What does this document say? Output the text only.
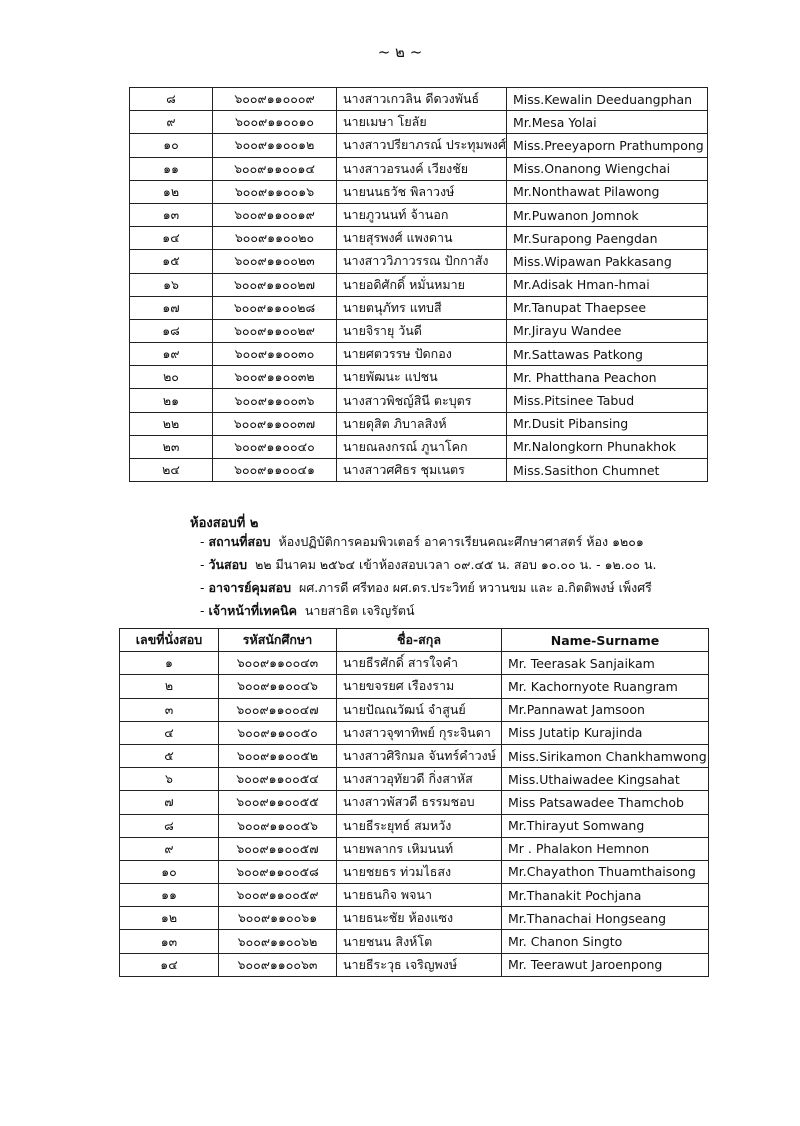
~ ๒ ~
๘	๖๐๐๙๑๑๐๐๐๙	นางสาวเกวลิน ดีดวงพันธ์	Miss.Kewalin Deeduangphan
๙	๖๐๐๙๑๑๐๐๑๐	นายเมษา โยลัย	Mr.Mesa Yolai
๑๐	๖๐๐๙๑๑๐๐๑๒	นางสาวปรียาภรณ์ ประทุมพงศ์	Miss.Preeyaporn Prathumpong
๑๑	๖๐๐๙๑๑๐๐๑๔	นางสาวอรนงค์ เวียงชัย	Miss.Onanong Wiengchai
๑๒	๖๐๐๙๑๑๐๐๑๖	นายนนธวัช พิลาวงษ์	Mr.Nonthawat Pilawong
๑๓	๖๐๐๙๑๑๐๐๑๙	นายภูวนนท์ จ้านอก	Mr.Puwanon Jomnok
๑๔	๖๐๐๙๑๑๐๐๒๐	นายสุรพงศ์ แพงดาน	Mr.Surapong Paengdan
๑๕	๖๐๐๙๑๑๐๐๒๓	นางสาววิภาวรรณ ปักกาสัง	Miss.Wipawan Pakkasang
๑๖	๖๐๐๙๑๑๐๐๒๗	นายอดิศักดิ์ หมั่นหมาย	Mr.Adisak Hman-hmai
๑๗	๖๐๐๙๑๑๐๐๒๘	นายตนุภัทร แทบสี	Mr.Tanupat Thaepsee
๑๘	๖๐๐๙๑๑๐๐๒๙	นายจิรายุ วันดี	Mr.Jirayu Wandee
๑๙	๖๐๐๙๑๑๐๐๓๐	นายศตวรรษ ปัดกอง	Mr.Sattawas Patkong
๒๐	๖๐๐๙๑๑๐๐๓๒	นายพัฒนะ แปชน	Mr. Phatthana Peachon
๒๑	๖๐๐๙๑๑๐๐๓๖	นางสาวพิชญ์สินี ตะบุตร	Miss.Pitsinee Tabud
๒๒	๖๐๐๙๑๑๐๐๓๗	นายดุสิต ภิบาลสิงห์	Mr.Dusit Pibansing
๒๓	๖๐๐๙๑๑๐๐๔๐	นายณลงกรณ์ ภูนาโคก	Mr.Nalongkorn Phunakhok
๒๔	๖๐๐๙๑๑๐๐๔๑	นางสาวศศิธร ชุมเนตร	Miss.Sasithon Chumnet
ห้องสอบที่ ๒
- สถานที่สอบ ห้องปฏิบัติการคอมพิวเตอร์ อาคารเรียนคณะศึกษาศาสตร์ ห้อง ๑๒๐๑
- วันสอบ ๒๒ มีนาคม ๒๕๖๔ เข้าห้องสอบเวลา ๐๙.๔๕ น. สอบ ๑๐.๐๐ น. - ๑๒.๐๐ น.
- อาจารย์คุมสอบ ผศ.ภารดี ศรีทอง ผศ.ดร.ประวิทย์ หวานขม และ อ.กิตติพงษ์ เพ็งศรี
- เจ้าหน้าที่เทคนิค นายสาธิต เจริญรัตน์
เลขที่นั่งสอบ	รหัสนักศึกษา	ชื่อ-สกุล	Name-Surname
๑	๖๐๐๙๑๑๐๐๔๓	นายธีรศักดิ์ สารใจคำ	Mr. Teerasak Sanjaikam
๒	๖๐๐๙๑๑๐๐๔๖	นายขจรยศ เรืองราม	Mr. Kachornyote Ruangram
๓	๖๐๐๙๑๑๐๐๔๗	นายปัณณวัฒน์ จำสูนย์	Mr.Pannawat Jamsoon
๔	๖๐๐๙๑๑๐๐๕๐	นางสาวจุฑาทิพย์ กุระจินดา	Miss Jutatip Kurajinda
๕	๖๐๐๙๑๑๐๐๕๒	นางสาวศิริกมล จันทร์คำวงษ์	Miss.Sirikamon Chankhamwong
๖	๖๐๐๙๑๑๐๐๕๔	นางสาวอุทัยวดี กิ่งสาหัส	Miss.Uthaiwadee Kingsahat
๗	๖๐๐๙๑๑๐๐๕๕	นางสาวพัสวดี ธรรมชอบ	Miss Patsawadee Thamchob
๘	๖๐๐๙๑๑๐๐๕๖	นายธีระยุทธ์ สมหวัง	Mr.Thirayut Somwang
๙	๖๐๐๙๑๑๐๐๕๗	นายพลากร เหิมนนท์	Mr . Phalakon Hemnon
๑๐	๖๐๐๙๑๑๐๐๕๘	นายชยธร ท่วมไธสง	Mr.Chayathon Thuamthaisong
๑๑	๖๐๐๙๑๑๐๐๕๙	นายธนกิจ พจนา	Mr.Thanakit Pochjana
๑๒	๖๐๐๙๑๑๐๐๖๑	นายธนะชัย ห้องแซง	Mr.Thanachai Hongseang
๑๓	๖๐๐๙๑๑๐๐๖๒	นายชนน สิงห์โต	Mr. Chanon Singto
๑๔	๖๐๐๙๑๑๐๐๖๓	นายธีระวุธ เจริญพงษ์	Mr. Teerawut Jaroenpong
